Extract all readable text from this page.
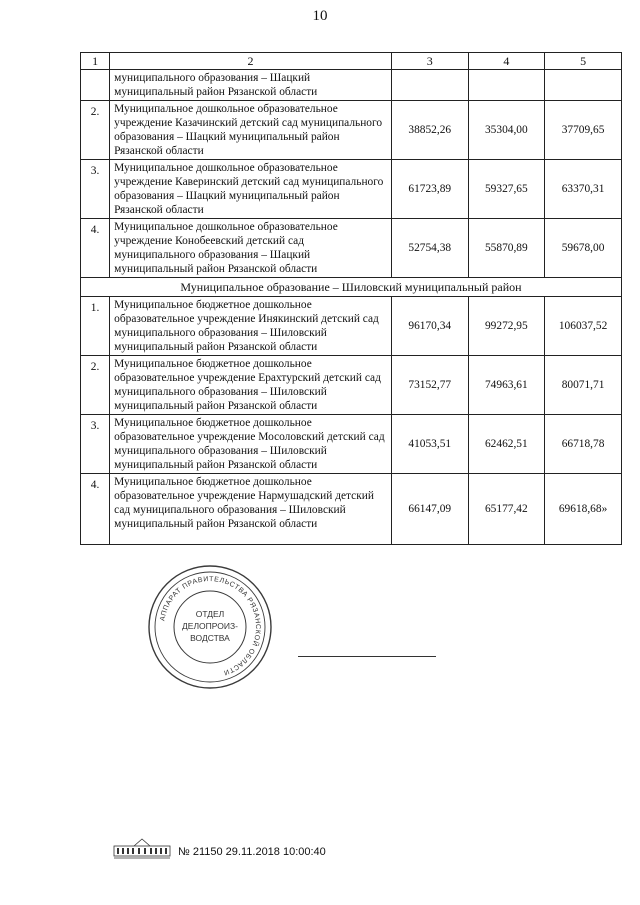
10
1	2	3	4	5
	муниципального образования – Шацкий муниципальный район Рязанской области			
2.	Муниципальное дошкольное образовательное учреждение Казачинский детский сад муниципального образования – Шацкий муниципальный район Рязанской области	38852,26	35304,00	37709,65
3.	Муниципальное дошкольное образовательное учреждение Каверинский детский сад муниципального образования – Шацкий муниципальный район Рязанской области	61723,89	59327,65	63370,31
4.	Муниципальное дошкольное образовательное учреждение Конобеевский детский сад муниципального образования – Шацкий муниципальный район Рязанской области	52754,38	55870,89	59678,00
Муниципальное образование – Шиловский муниципальный район				
1.	Муниципальное бюджетное дошкольное образовательное учреждение Инякинский детский сад муниципального образования – Шиловский муниципальный район Рязанской области	96170,34	99272,95	106037,52
2.	Муниципальное бюджетное дошкольное образовательное учреждение Ерахтурский детский сад муниципального образования – Шиловский муниципальный район Рязанской области	73152,77	74963,61	80071,71
3.	Муниципальное бюджетное дошкольное образовательное учреждение Мосоловский детский сад муниципального образования – Шиловский муниципальный район Рязанской области	41053,51	62462,51	66718,78
4.	Муниципальное бюджетное дошкольное образовательное учреждение Нармушадский детский сад муниципального образования – Шиловский муниципальный район Рязанской области	66147,09	65177,42	69618,68»
АППАРАТ ПРАВИТЕЛЬСТВА РЯЗАНСКОЙ ОБЛАСТИ
ОТДЕЛ
ДЕЛОПРОИЗ-
ВОДСТВА
№ 21150 29.11.2018 10:00:40
